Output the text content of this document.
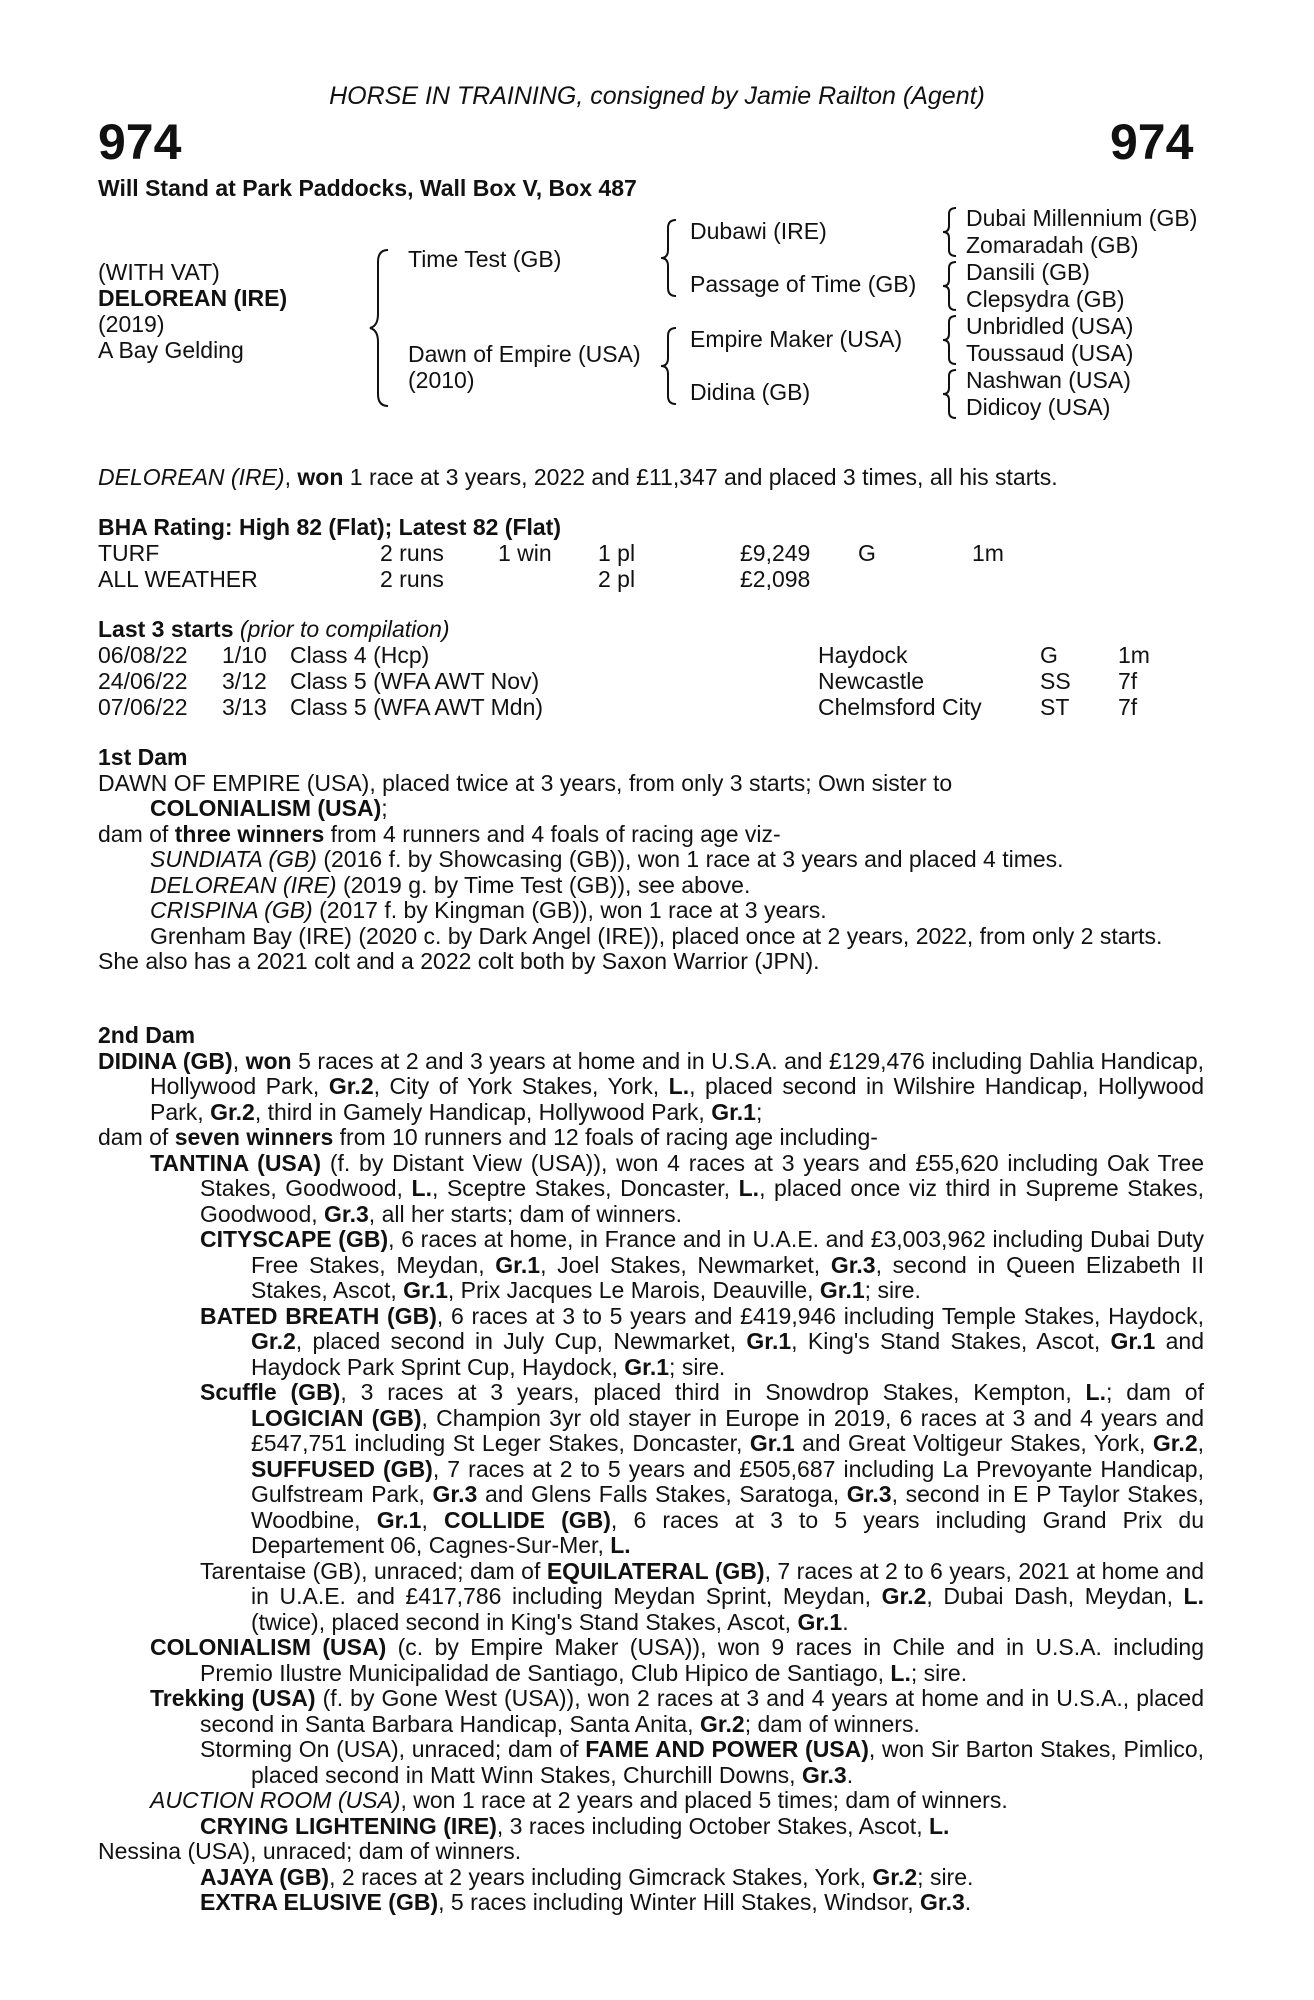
HORSE IN TRAINING, consigned by Jamie Railton (Agent)
974	974
Will Stand at Park Paddocks, Wall Box V, Box 487
(WITH VAT)
DELOREAN (IRE)
(2019)
A Bay Gelding
Time Test (GB)
Dawn of Empire (USA)
(2010)
Dubawi (IRE)
Passage of Time (GB)
Empire Maker (USA)
Didina (GB)
Dubai Millennium (GB)
Zomaradah (GB)
Dansili (GB)
Clepsydra (GB)
Unbridled (USA)
Toussaud (USA)
Nashwan (USA)
Didicoy (USA)
DELOREAN (IRE), won 1 race at 3 years, 2022 and £11,347 and placed 3 times, all his starts.
BHA Rating: High 82 (Flat); Latest 82 (Flat)
TURF	2 runs 1 win 1 pl	£9,249 G	1m
ALL WEATHER	2 runs	2 pl	£2,098
Last 3 starts (prior to compilation)
06/08/22 1/10 Class 4 (Hcp)	Haydock	G	1m
24/06/22 3/12 Class 5 (WFA AWT Nov)	Newcastle	SS 7f
07/06/22 3/13 Class 5 (WFA AWT Mdn)	Chelmsford City	ST 7f
1st Dam
DAWN OF EMPIRE (USA), placed twice at 3 years, from only 3 starts; Own sister to
COLONIALISM (USA);
dam of three winners from 4 runners and 4 foals of racing age viz-
SUNDIATA (GB) (2016 f. by Showcasing (GB)), won 1 race at 3 years and placed 4 times.
DELOREAN (IRE) (2019 g. by Time Test (GB)), see above.
CRISPINA (GB) (2017 f. by Kingman (GB)), won 1 race at 3 years.
Grenham Bay (IRE) (2020 c. by Dark Angel (IRE)), placed once at 2 years, 2022, from only 2 starts.
She also has a 2021 colt and a 2022 colt both by Saxon Warrior (JPN).
2nd Dam
DIDINA (GB), won 5 races at 2 and 3 years at home and in U.S.A. and £129,476 including Dahlia Handicap, Hollywood Park, Gr.2, City of York Stakes, York, L., placed second in Wilshire Handicap, Hollywood Park, Gr.2, third in Gamely Handicap, Hollywood Park, Gr.1;
dam of seven winners from 10 runners and 12 foals of racing age including-
TANTINA (USA) (f. by Distant View (USA)), won 4 races at 3 years and £55,620 including Oak Tree Stakes, Goodwood, L., Sceptre Stakes, Doncaster, L., placed once viz third in Supreme Stakes, Goodwood, Gr.3, all her starts; dam of winners.
CITYSCAPE (GB), 6 races at home, in France and in U.A.E. and £3,003,962 including Dubai Duty Free Stakes, Meydan, Gr.1, Joel Stakes, Newmarket, Gr.3, second in Queen Elizabeth II Stakes, Ascot, Gr.1, Prix Jacques Le Marois, Deauville, Gr.1; sire.
BATED BREATH (GB), 6 races at 3 to 5 years and £419,946 including Temple Stakes, Haydock, Gr.2, placed second in July Cup, Newmarket, Gr.1, King's Stand Stakes, Ascot, Gr.1 and Haydock Park Sprint Cup, Haydock, Gr.1; sire.
Scuffle (GB), 3 races at 3 years, placed third in Snowdrop Stakes, Kempton, L.; dam of LOGICIAN (GB), Champion 3yr old stayer in Europe in 2019, 6 races at 3 and 4 years and £547,751 including St Leger Stakes, Doncaster, Gr.1 and Great Voltigeur Stakes, York, Gr.2, SUFFUSED (GB), 7 races at 2 to 5 years and £505,687 including La Prevoyante Handicap, Gulfstream Park, Gr.3 and Glens Falls Stakes, Saratoga, Gr.3, second in E P Taylor Stakes, Woodbine, Gr.1, COLLIDE (GB), 6 races at 3 to 5 years including Grand Prix du Departement 06, Cagnes-Sur-Mer, L.
Tarentaise (GB), unraced; dam of EQUILATERAL (GB), 7 races at 2 to 6 years, 2021 at home and in U.A.E. and £417,786 including Meydan Sprint, Meydan, Gr.2, Dubai Dash, Meydan, L. (twice), placed second in King's Stand Stakes, Ascot, Gr.1.
COLONIALISM (USA) (c. by Empire Maker (USA)), won 9 races in Chile and in U.S.A. including Premio Ilustre Municipalidad de Santiago, Club Hipico de Santiago, L.; sire.
Trekking (USA) (f. by Gone West (USA)), won 2 races at 3 and 4 years at home and in U.S.A., placed second in Santa Barbara Handicap, Santa Anita, Gr.2; dam of winners.
Storming On (USA), unraced; dam of FAME AND POWER (USA), won Sir Barton Stakes, Pimlico, placed second in Matt Winn Stakes, Churchill Downs, Gr.3.
AUCTION ROOM (USA), won 1 race at 2 years and placed 5 times; dam of winners.
CRYING LIGHTENING (IRE), 3 races including October Stakes, Ascot, L.
Nessina (USA), unraced; dam of winners.
AJAYA (GB), 2 races at 2 years including Gimcrack Stakes, York, Gr.2; sire.
EXTRA ELUSIVE (GB), 5 races including Winter Hill Stakes, Windsor, Gr.3.
